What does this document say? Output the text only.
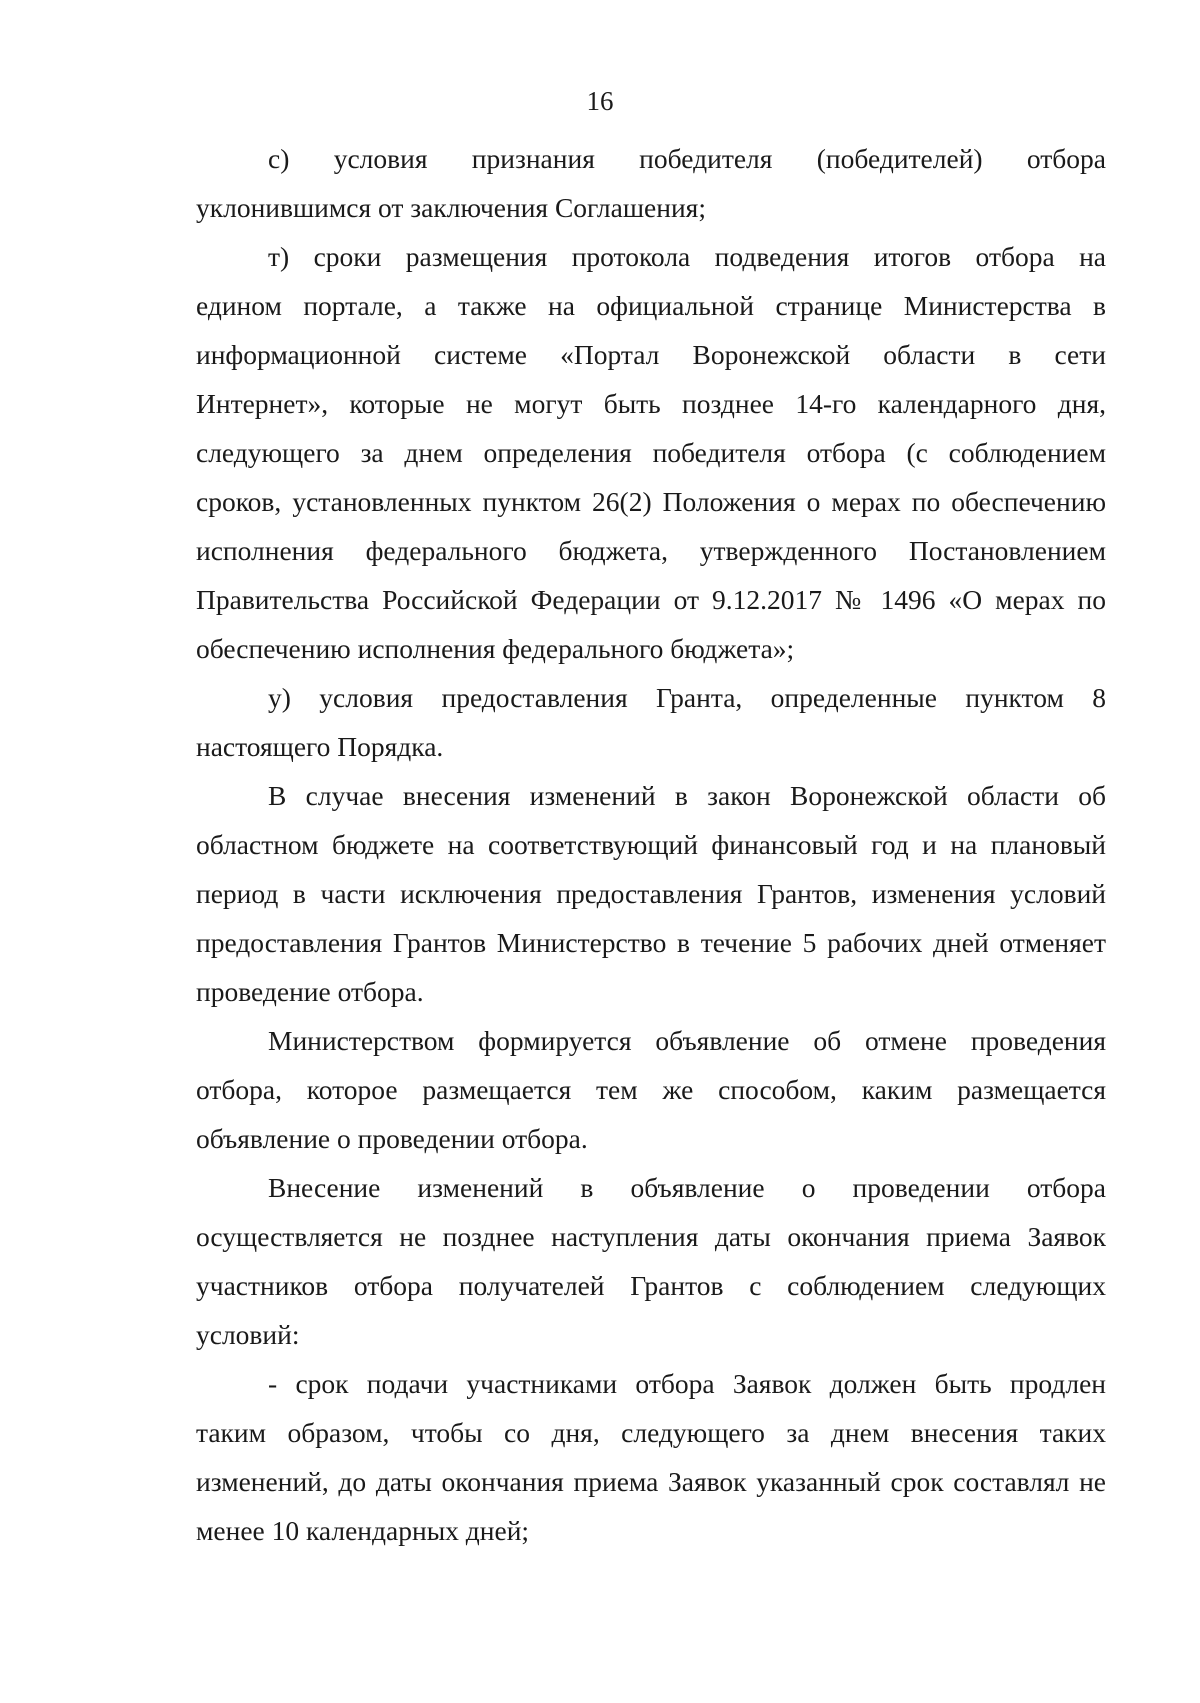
16
с) условия признания победителя (победителей) отбора
уклонившимся от заключения Соглашения;
т) сроки размещения протокола подведения итогов отбора на
едином портале, а также на официальной странице Министерства в
информационной системе «Портал Воронежской области в сети
Интернет», которые не могут быть позднее 14-го календарного дня,
следующего за днем определения победителя отбора (с соблюдением
сроков, установленных пунктом 26(2) Положения о мерах по обеспечению
исполнения федерального бюджета, утвержденного Постановлением
Правительства Российской Федерации от 9.12.2017 № 1496 «О мерах по
обеспечению исполнения федерального бюджета»;
у) условия предоставления Гранта, определенные пунктом 8
настоящего Порядка.
В случае внесения изменений в закон Воронежской области об
областном бюджете на соответствующий финансовый год и на плановый
период в части исключения предоставления Грантов, изменения условий
предоставления Грантов Министерство в течение 5 рабочих дней отменяет
проведение отбора.
Министерством формируется объявление об отмене проведения
отбора, которое размещается тем же способом, каким размещается
объявление о проведении отбора.
Внесение изменений в объявление о проведении отбора
осуществляется не позднее наступления даты окончания приема Заявок
участников отбора получателей Грантов с соблюдением следующих
условий:
- срок подачи участниками отбора Заявок должен быть продлен
таким образом, чтобы со дня, следующего за днем внесения таких
изменений, до даты окончания приема Заявок указанный срок составлял не
менее 10 календарных дней;
